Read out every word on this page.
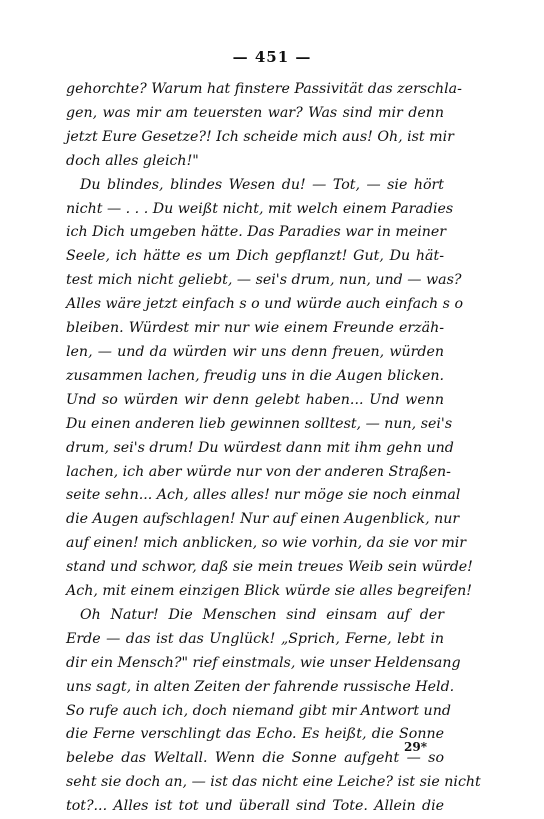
— 451 —
gehorchte? Warum hat finstere Passivität das zerschla-
gen, was mir am teuersten war? Was sind mir denn
jetzt Eure Gesetze?! Ich scheide mich aus! Oh, ist mir
doch alles gleich!"
Du blindes, blindes Wesen du! — Tot, — sie hört
nicht — . . . Du weißt nicht, mit welch einem Paradies
ich Dich umgeben hätte. Das Paradies war in meiner
Seele, ich hätte es um Dich gepflanzt! Gut, Du hät-
test mich nicht geliebt, — sei's drum, nun, und — was?
Alles wäre jetzt einfach s o und würde auch einfach s o
bleiben. Würdest mir nur wie einem Freunde erzäh-
len, — und da würden wir uns denn freuen, würden
zusammen lachen, freudig uns in die Augen blicken.
Und so würden wir denn gelebt haben... Und wenn
Du einen anderen lieb gewinnen solltest, — nun, sei's
drum, sei's drum! Du würdest dann mit ihm gehn und
lachen, ich aber würde nur von der anderen Straßen-
seite sehn... Ach, alles alles! nur möge sie noch einmal
die Augen aufschlagen! Nur auf einen Augenblick, nur
auf einen! mich anblicken, so wie vorhin, da sie vor mir
stand und schwor, daß sie mein treues Weib sein würde!
Ach, mit einem einzigen Blick würde sie alles begreifen!
Oh Natur! Die Menschen sind einsam auf der
Erde — das ist das Unglück! „Sprich, Ferne, lebt in
dir ein Mensch?" rief einstmals, wie unser Heldensang
uns sagt, in alten Zeiten der fahrende russische Held.
So rufe auch ich, doch niemand gibt mir Antwort und
die Ferne verschlingt das Echo. Es heißt, die Sonne
belebe das Weltall. Wenn die Sonne aufgeht — so
seht sie doch an, — ist das nicht eine Leiche? ist sie nicht
tot?... Alles ist tot und überall sind Tote. Allein die
29*
